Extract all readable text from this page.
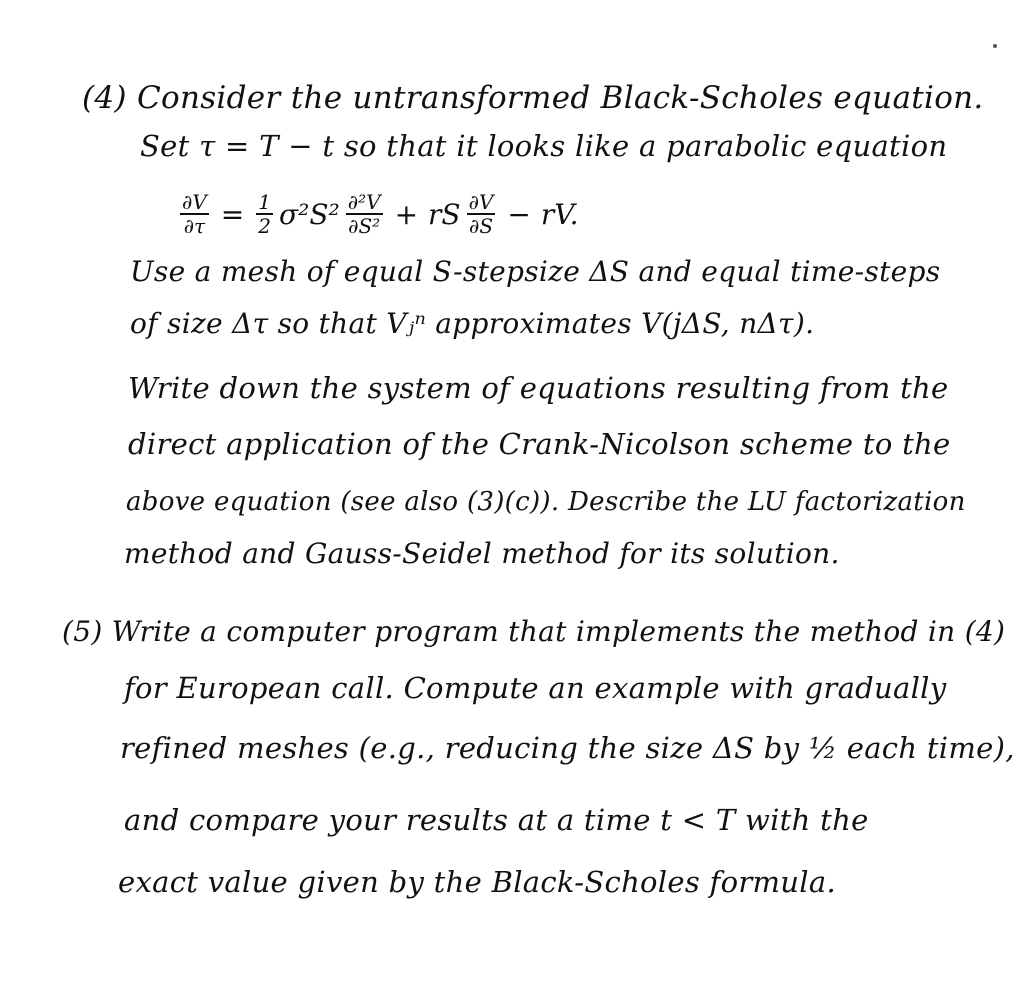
(4) Consider the untransformed Black-Scholes equation.
Set τ = T − t so that it looks like a parabolic equation
$\frac{\partial V}{\partial\tau} = \frac{1}{2} \sigma^2S^2 \frac{\text{∂²V}}{\text{∂S²}}$ + rS $\frac{\partial V}{\partial S}$ − rV.
Use a mesh of equal S-stepsize ΔS and equal time-steps
of size Δτ so that Vⱼⁿ approximates V(jΔS, nΔτ).
Write down the system of equations resulting from the
direct application of the Crank-Nicolson scheme to the
above equation (see also (3)(c)). Describe the LU factorization
method and Gauss-Seidel method for its solution.
(5) Write a computer program that implements the method in (4)
for European call. Compute an example with gradually
refined meshes (e.g., reducing the size ΔS by ½ each time),
and compare your results at a time t < T with the
exact value given by the Black-Scholes formula.
